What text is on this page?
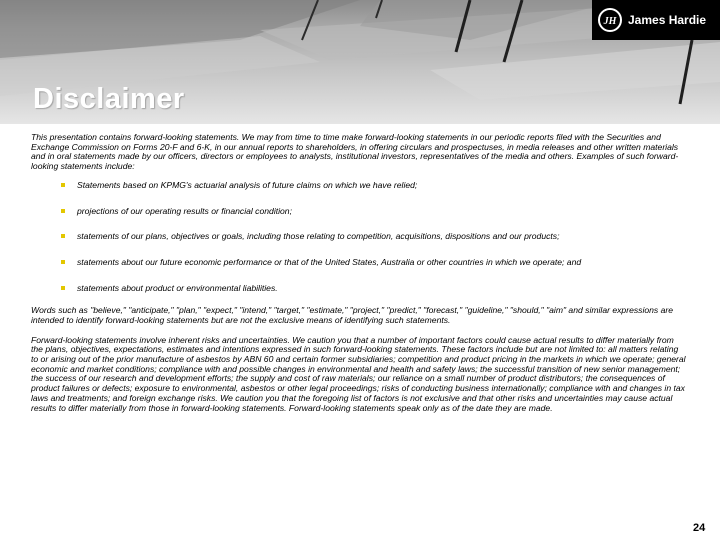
JH James Hardie
Disclaimer

This presentation contains forward-looking statements. We may from time to time make forward-looking statements in our periodic reports filed with the Securities and Exchange Commission on Forms 20-F and 6-K, in our annual reports to shareholders, in offering circulars and prospectuses, in media releases and other written materials and in oral statements made by our officers, directors or employees to analysts, institutional investors, representatives of the media and others. Examples of such forward-looking statements include:

Statements based on KPMG's actuarial analysis of future claims on which we have relied;
projections of our operating results or financial condition;
statements of our plans, objectives or goals, including those relating to competition, acquisitions, dispositions and our products;
statements about our future economic performance or that of the United States, Australia or other countries in which we operate; and
statements about product or environmental liabilities.

Words such as "believe," "anticipate," "plan," "expect," "intend," "target," "estimate," "project," "predict," "forecast," "guideline," "should," "aim" and similar expressions are intended to identify forward-looking statements but are not the exclusive means of identifying such statements.

Forward-looking statements involve inherent risks and uncertainties. We caution you that a number of important factors could cause actual results to differ materially from the plans, objectives, expectations, estimates and intentions expressed in such forward-looking statements. These factors include but are not limited to: all matters relating to or arising out of the prior manufacture of asbestos by ABN 60 and certain former subsidiaries; competition and product pricing in the markets in which we operate; general economic and market conditions; compliance with and possible changes in environmental and health and safety laws; the successful transition of new senior management; the success of our research and development efforts; the supply and cost of raw materials; our reliance on a small number of product distributors; the consequences of product failures or defects; exposure to environmental, asbestos or other legal proceedings; risks of conducting business internationally; compliance with and changes in tax laws and treatments; and foreign exchange risks. We caution you that the foregoing list of factors is not exclusive and that other risks and uncertainties may cause actual results to differ materially from those in forward-looking statements. Forward-looking statements speak only as of the date they are made.

24
